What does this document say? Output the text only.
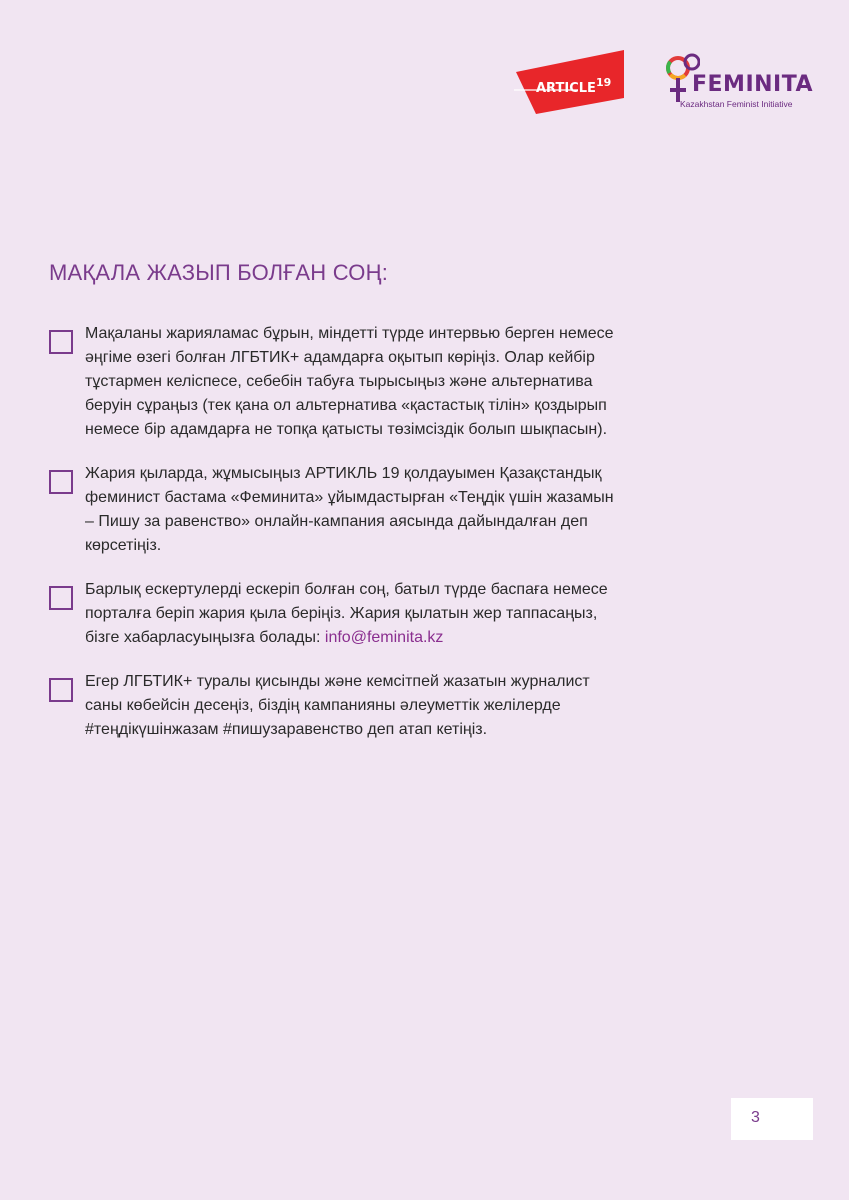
ARTICLE 19	FEMINITA
Kazakhstan Feminist Initiative
МАҚАЛА ЖАЗЫП БОЛҒАН СОҢ:
Мақаланы жарияламас бұрын, міндетті түрде интервью берген немесе
әңгіме өзегі болған ЛГБТИК+ адамдарға оқытып көріңіз. Олар кейбір
тұстармен келіспесе, себебін табуға тырысыңыз және альтернатива
беруін сұраңыз (тек қана ол альтернатива «қастастық тілін» қоздырып
немесе бір адамдарға не топқа қатысты төзімсіздік болып шықпасын).
Жария қыларда, жұмысыңыз АРТИКЛЬ 19 қолдауымен Қазақстандық
феминист бастама «Феминита» ұйымдастырған «Теңдік үшін жазамын
– Пишу за равенство» онлайн-кампания аясында дайындалған деп
көрсетіңіз.
Барлық ескертулерді ескеріп болған соң, батыл түрде баспаға немесе
порталға беріп жария қыла беріңіз. Жария қылатын жер таппасаңыз,
бізге хабарласуыңызға болады: info@feminita.kz
Егер ЛГБТИК+ туралы қисынды және кемсітпей жазатын журналист
саны көбейсін десеңіз, біздің кампанияны әлеуметтік желілерде
#теңдікүшінжазам #пишузаравенство деп атап кетіңіз.
3
